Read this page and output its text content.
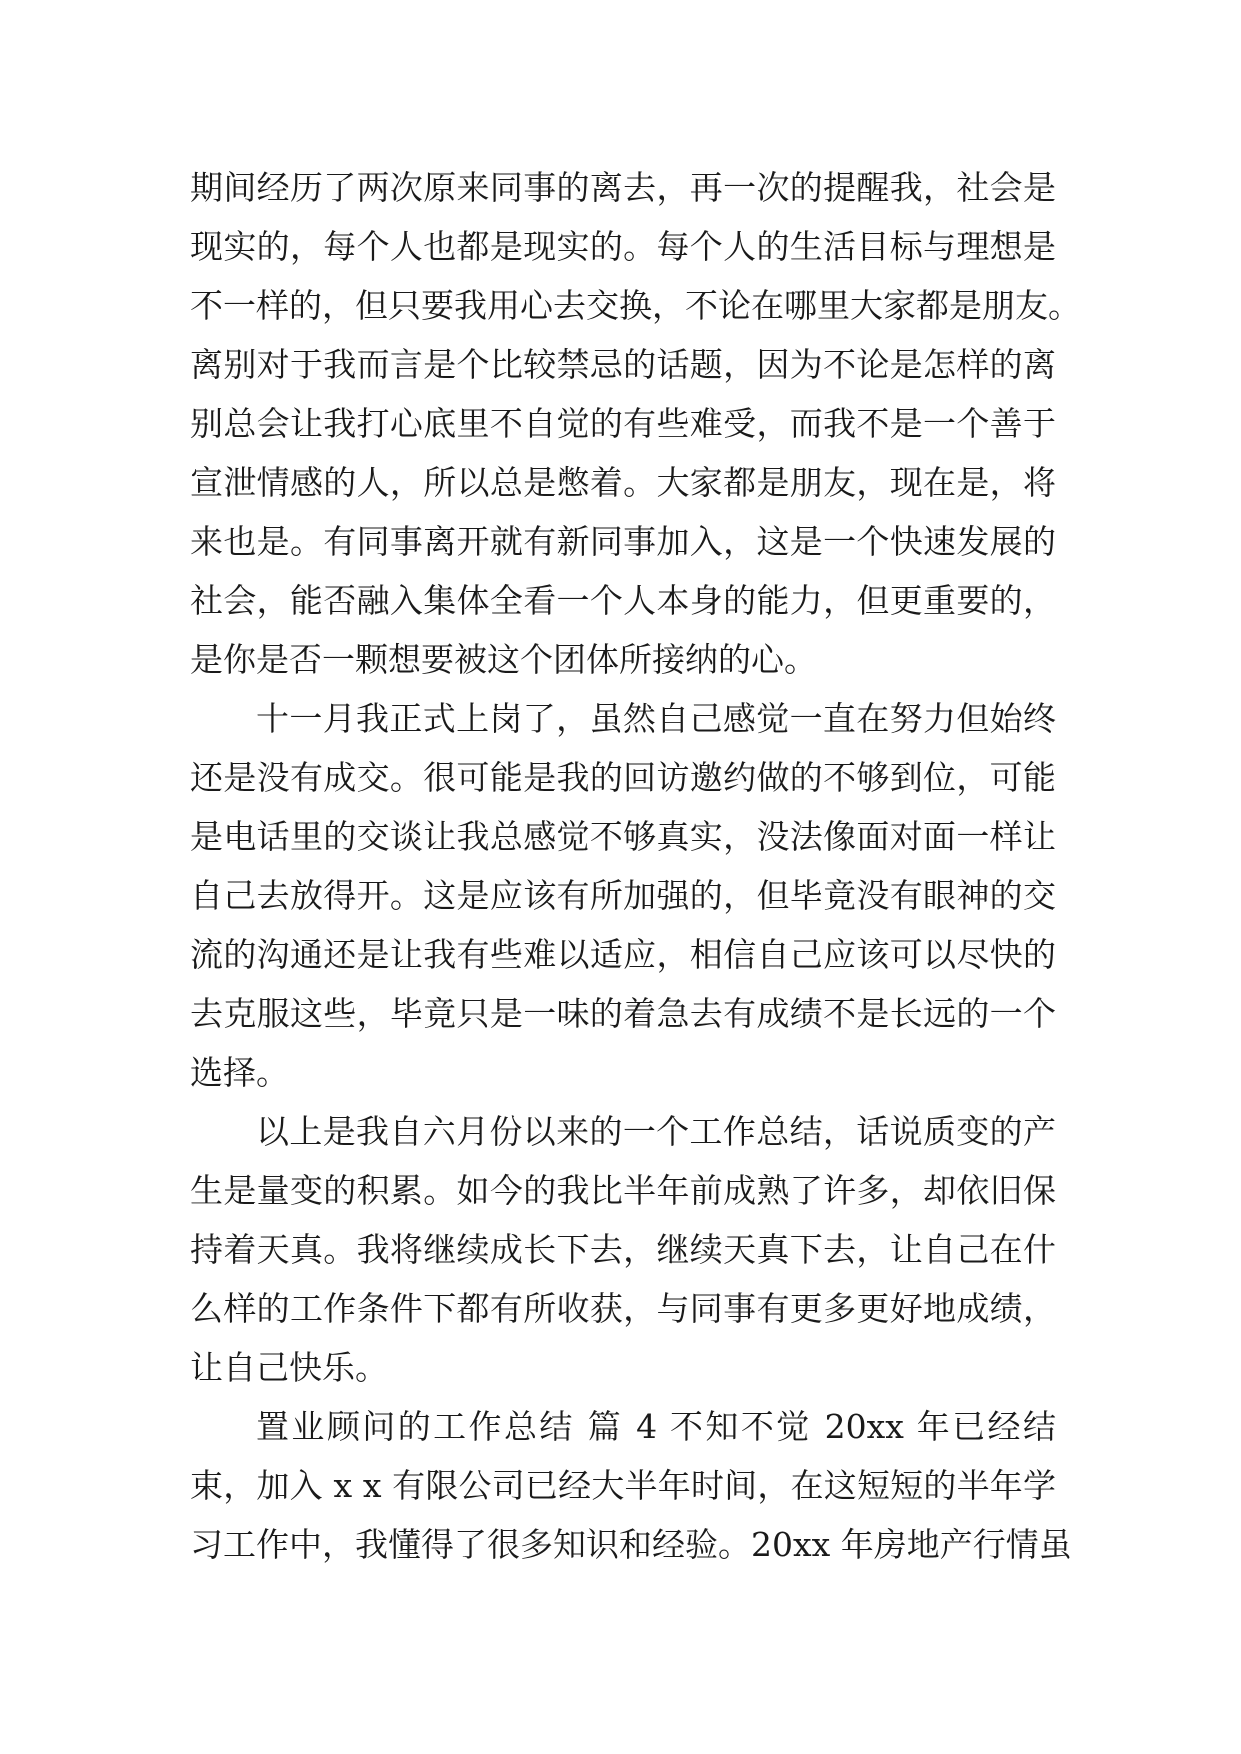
期间经历了两次原来同事的离去，再一次的提醒我，社会是
现实的，每个人也都是现实的。每个人的生活目标与理想是
不一样的，但只要我用心去交换，不论在哪里大家都是朋友。
离别对于我而言是个比较禁忌的话题，因为不论是怎样的离
别总会让我打心底里不自觉的有些难受，而我不是一个善于
宣泄情感的人，所以总是憋着。大家都是朋友，现在是，将
来也是。有同事离开就有新同事加入，这是一个快速发展的
社会，能否融入集体全看一个人本身的能力，但更重要的，
是你是否一颗想要被这个团体所接纳的心。
十一月我正式上岗了，虽然自己感觉一直在努力但始终
还是没有成交。很可能是我的回访邀约做的不够到位，可能
是电话里的交谈让我总感觉不够真实，没法像面对面一样让
自己去放得开。这是应该有所加强的，但毕竟没有眼神的交
流的沟通还是让我有些难以适应，相信自己应该可以尽快的
去克服这些，毕竟只是一味的着急去有成绩不是长远的一个
选择。
以上是我自六月份以来的一个工作总结，话说质变的产
生是量变的积累。如今的我比半年前成熟了许多，却依旧保
持着天真。我将继续成长下去，继续天真下去，让自己在什
么样的工作条件下都有所收获，与同事有更多更好地成绩，
让自己快乐。
置业顾问的工作总结 篇 4 不知不觉 20xx 年已经结
束，加入 x x 有限公司已经大半年时间，在这短短的半年学
习工作中，我懂得了很多知识和经验。20xx 年房地产行情虽
